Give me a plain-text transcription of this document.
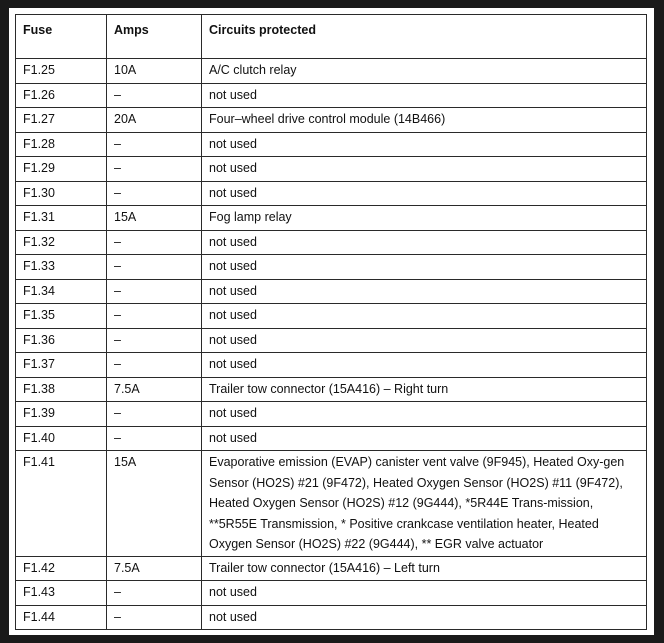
Fuse	Amps	Circuits protected
F1.25	10A	A/C clutch relay
F1.26	–	not used
F1.27	20A	Four–wheel drive control module (14B466)
F1.28	–	not used
F1.29	–	not used
F1.30	–	not used
F1.31	15A	Fog lamp relay
F1.32	–	not used
F1.33	–	not used
F1.34	–	not used
F1.35	–	not used
F1.36	–	not used
F1.37	–	not used
F1.38	7.5A	Trailer tow connector (15A416) – Right turn
F1.39	–	not used
F1.40	–	not used
F1.41	15A	Evaporative emission (EVAP) canister vent valve (9F945), Heated Oxy-gen Sensor (HO2S) #21 (9F472), Heated Oxygen Sensor (HO2S) #11 (9F472), Heated Oxygen Sensor (HO2S) #12 (9G444), *5R44E Trans-mission, **5R55E Transmission, * Positive crankcase ventilation heater, Heated Oxygen Sensor (HO2S) #22 (9G444), ** EGR valve actuator
F1.42	7.5A	Trailer tow connector (15A416) – Left turn
F1.43	–	not used
F1.44	–	not used
